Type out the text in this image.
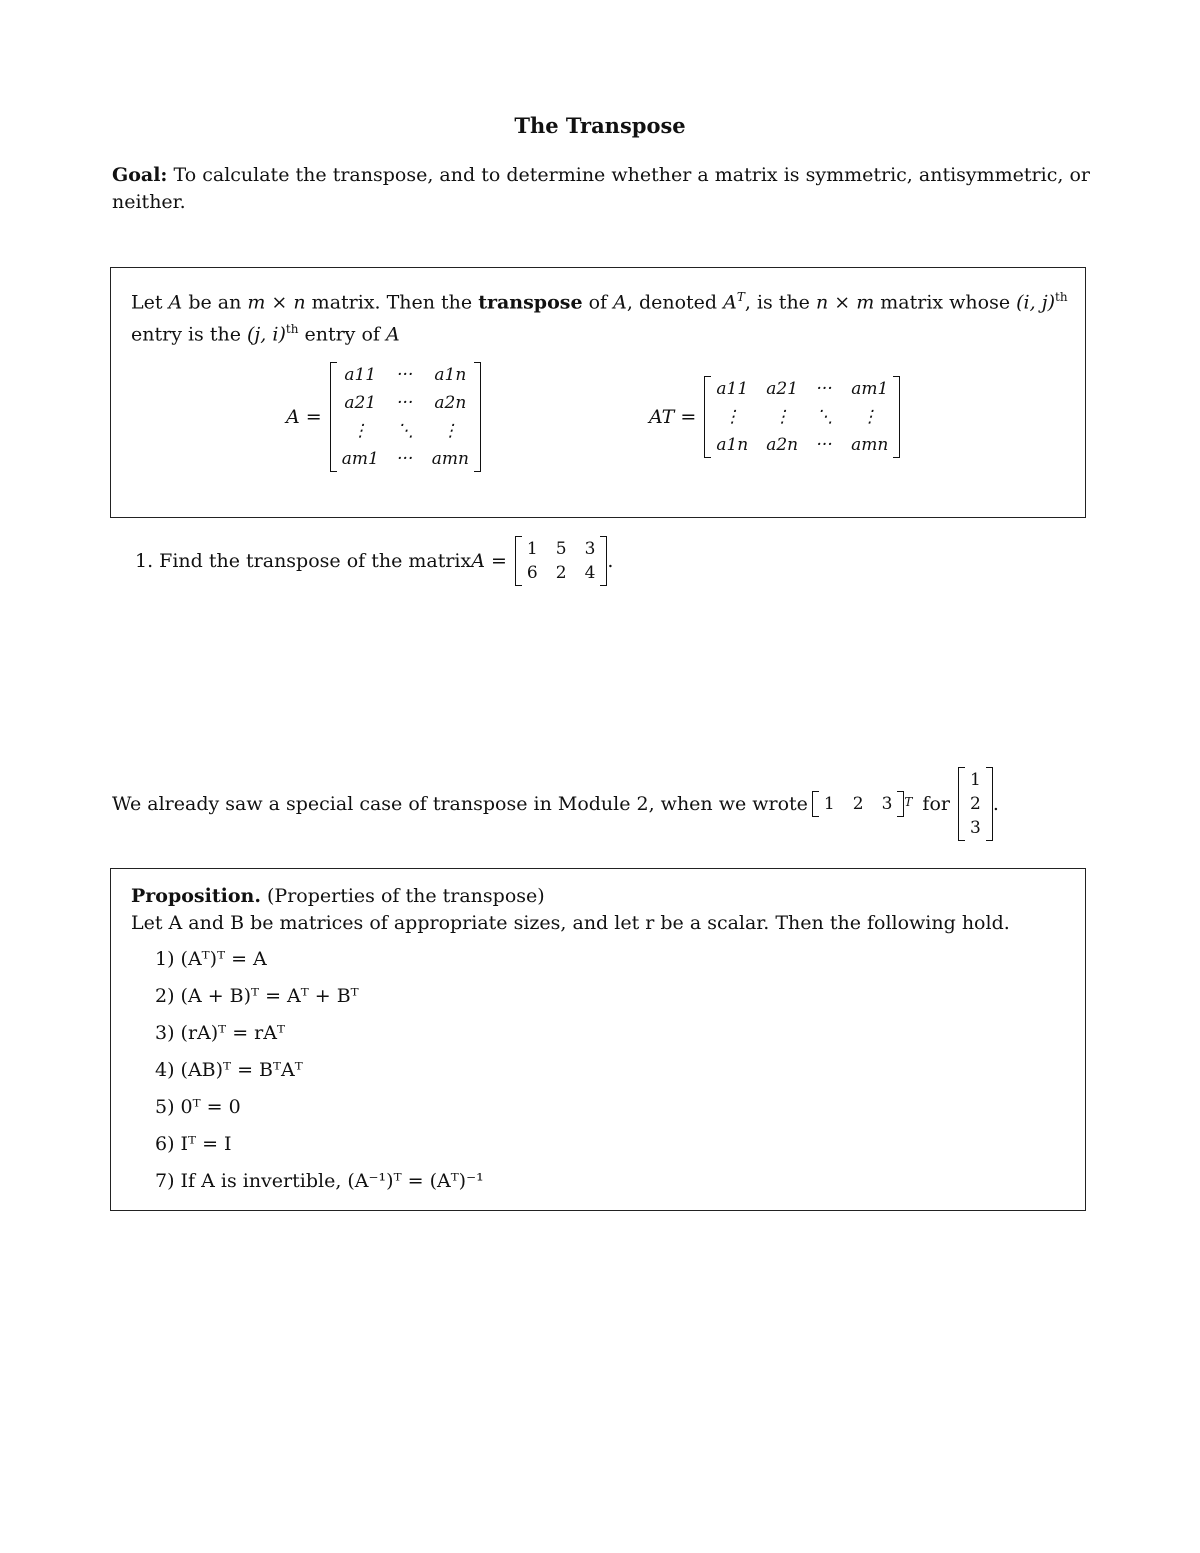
The Transpose
Goal: To calculate the transpose, and to determine whether a matrix is symmetric, antisymmetric, or neither.
Let A be an m × n matrix. Then the transpose of A, denoted $A^T$, is the n × m matrix whose (i, j)$^{th}$ entry is the (j, i)$^{th}$ entry of A
A =
a11 ··· a1n
a21 ··· a2n
⋮	⋱	⋮
am1 ··· amn
AT =
a11 a21 ··· am1
⋮	⋮	⋱	⋮
a1n a2n ··· amn
1. Find the transpose of the matrix A =
1 5 3
6 2 4
.
We already saw a special case of transpose in Module 2, when we wrote 1 2 3 T for
1
2
3
.
Proposition. (Properties of the transpose)
Let A and B be matrices of appropriate sizes, and let r be a scalar. Then the following hold.
1) (Aᵀ)ᵀ = A
2) (A + B)ᵀ = Aᵀ + Bᵀ
3) (rA)ᵀ = rAᵀ
4) (AB)ᵀ = BᵀAᵀ
5) 0ᵀ = 0
6) Iᵀ = I
7) If A is invertible, (A⁻¹)ᵀ = (Aᵀ)⁻¹
